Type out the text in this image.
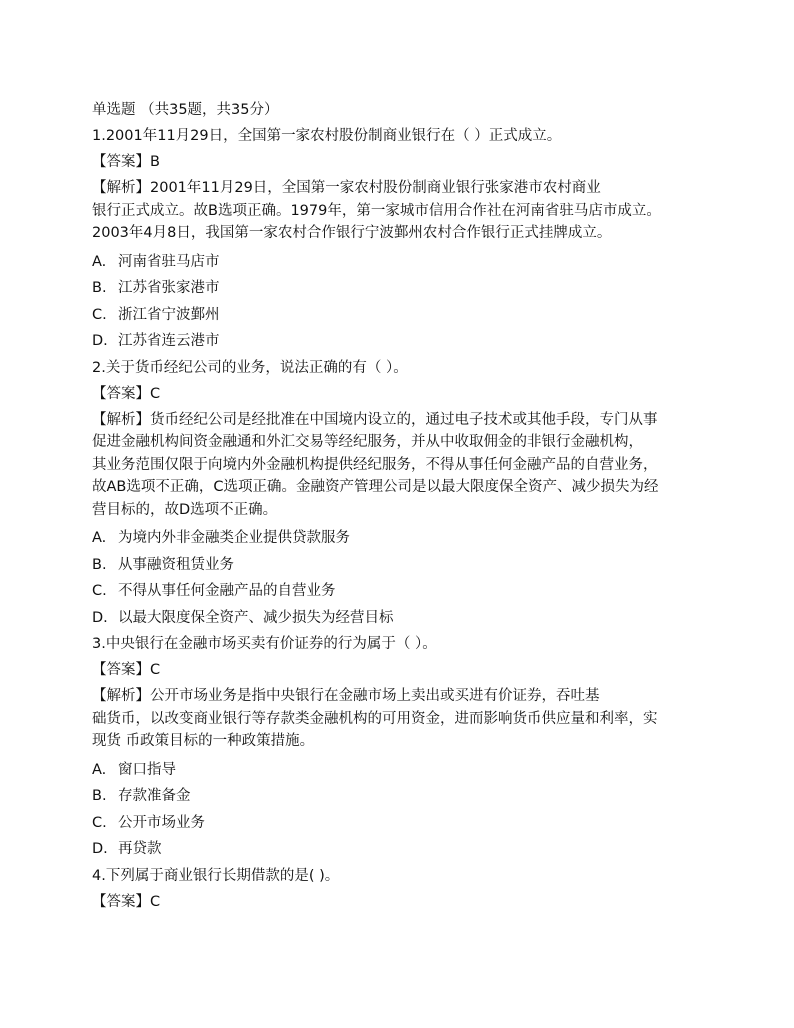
单选题 （共35题，共35分）
1.2001年11月29日，全国第一家农村股份制商业银行在（ ）正式成立。
【答案】B
【解析】2001年11月29日，全国第一家农村股份制商业银行张家港市农村商业
银行正式成立。故B选项正确。1979年，第一家城市信用合作社在河南省驻马店市成立。
2003年4月8日，我国第一家农村合作银行宁波鄞州农村合作银行正式挂牌成立。
A. 河南省驻马店市
B. 江苏省张家港市
C. 浙江省宁波鄞州
D. 江苏省连云港市
2.关于货币经纪公司的业务，说法正确的有（ ）。
【答案】C
【解析】货币经纪公司是经批准在中国境内设立的，通过电子技术或其他手段，专门从事
促进金融机构间资金融通和外汇交易等经纪服务，并从中收取佣金的非银行金融机构，
其业务范围仅限于向境内外金融机构提供经纪服务，不得从事任何金融产品的自营业务，
故AB选项不正确，C选项正确。金融资产管理公司是以最大限度保全资产、减少损失为经
营目标的，故D选项不正确。
A. 为境内外非金融类企业提供贷款服务
B. 从事融资租赁业务
C. 不得从事任何金融产品的自营业务
D. 以最大限度保全资产、减少损失为经营目标
3.中央银行在金融市场买卖有价证券的行为属于（ ）。
【答案】C
【解析】公开市场业务是指中央银行在金融市场上卖出或买进有价证券，吞吐基
础货币，以改变商业银行等存款类金融机构的可用资金，进而影响货币供应量和利率，实
现货 币政策目标的一种政策措施。
A. 窗口指导
B. 存款准备金
C. 公开市场业务
D. 再贷款
4.下列属于商业银行长期借款的是( )。
【答案】C
